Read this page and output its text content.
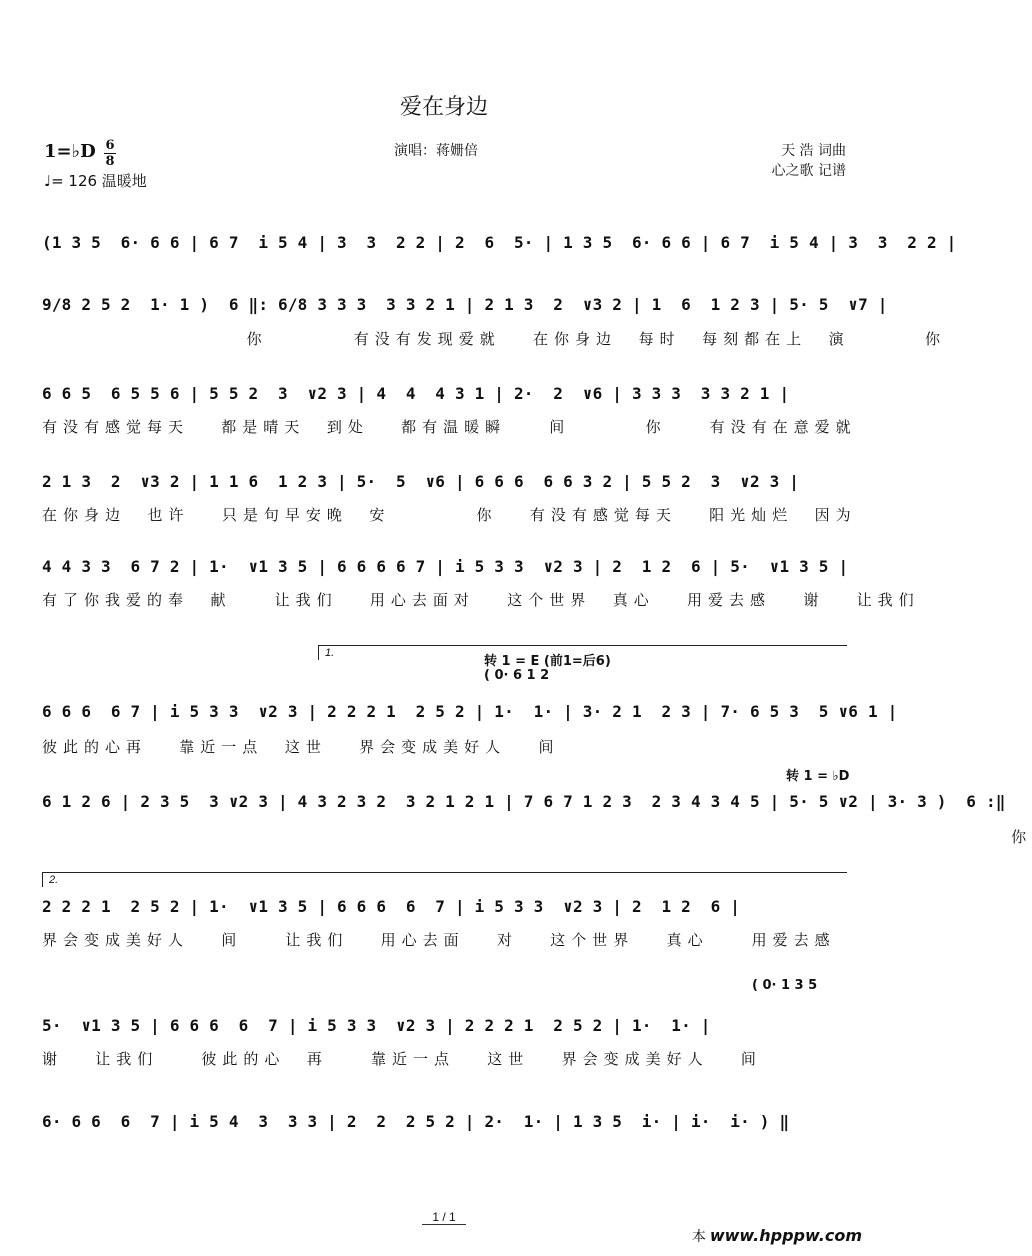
爱在身边
1=♭D 6
8
♩= 126 温暖地
演唱：蒋姗倍	天 浩 词曲
心之歌 记谱
(1 3 5  6· 6 6 | 6 7  i 5 4 | 3  3  2 2 | 2  6  5· | 1 3 5  6· 6 6 | 6 7  i 5 4 | 3  3  2 2 |
9/8 2 5 2  1· 1 )  6 ‖: 6/8 3 3 3  3 3 2 1 | 2 1 3  2  ∨3 2 | 1  6  1 2 3 | 5· 5  ∨7 |
你        有没有发现爱就   在你身边  每时  每刻都在上  演       你
6 6 5  6 5 5 6 | 5 5 2  3  ∨2 3 | 4  4  4 3 1 | 2·  2  ∨6 | 3 3 3  3 3 2 1 |
有没有感觉每天   都是晴天  到处   都有温暖瞬    间       你    有没有在意爱就
2 1 3  2  ∨3 2 | 1 1 6  1 2 3 | 5·  5  ∨6 | 6 6 6  6 6 3 2 | 5 5 2  3  ∨2 3 |
在你身边  也许   只是句早安晚  安        你   有没有感觉每天   阳光灿烂  因为
4 4 3 3  6 7 2 | 1·  ∨1 3 5 | 6 6 6 6 7 | i 5 3 3  ∨2 3 | 2  1 2  6 | 5·  ∨1 3 5 |
有了你我爱的奉  献    让我们   用心去面对   这个世界  真心   用爱去感   谢   让我们
1.
转 1 = E (前1=后6)
( 0· 6 1 2
6 6 6  6 7 | i 5 3 3  ∨2 3 | 2 2 2 1  2 5 2 | 1·  1· | 3· 2 1  2 3 | 7· 6 5 3  5 ∨6 1 |
彼此的心再   靠近一点  这世   界会变成美好人   间
转 1 = ♭D
6 1 2 6 | 2 3 5  3 ∨2 3 | 4 3 2 3 2  3 2 1 2 1 | 7 6 7 1 2 3  2 3 4 3 4 5 | 5· 5 ∨2 | 3· 3 )  6 :‖
你
2.
2 2 2 1  2 5 2 | 1·  ∨1 3 5 | 6 6 6  6  7 | i 5 3 3  ∨2 3 | 2  1 2  6 |
界会变成美好人   间    让我们   用心去面   对   这个世界   真心    用爱去感
( 0· 1 3 5
5·  ∨1 3 5 | 6 6 6  6  7 | i 5 3 3  ∨2 3 | 2 2 2 1  2 5 2 | 1·  1· |
谢   让我们    彼此的心  再    靠近一点   这世   界会变成美好人   间
6· 6 6  6  7 | i 5 4  3  3 3 | 2  2  2 5 2 | 2·  1· | 1 3 5  i· | i·  i· ) ‖
1 / 1
本 www.hpppw.com
